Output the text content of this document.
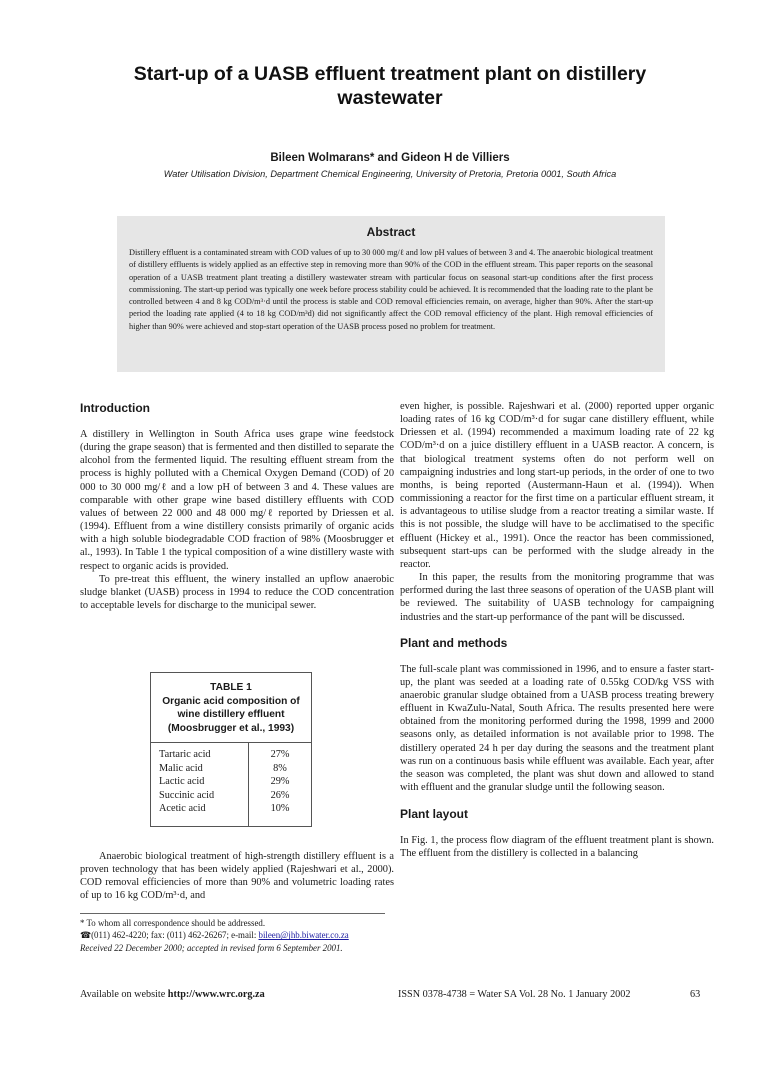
Start-up of a UASB effluent treatment plant on distillery wastewater
Bileen Wolmarans* and Gideon H de Villiers
Water Utilisation Division, Department Chemical Engineering, University of Pretoria, Pretoria 0001, South Africa
Abstract

Distillery effluent is a contaminated stream with COD values of up to 30 000 mg/ℓ and low pH values of between 3 and 4. The anaerobic biological treatment of distillery effluents is widely applied as an effective step in removing more than 90% of the COD in the effluent stream. This paper reports on the seasonal operation of a UASB treatment plant treating a distillery wastewater stream with particular focus on seasonal start-up conditions after the first process commissioning. The start-up period was typically one week before process stability could be achieved. It is recommended that the loading rate to the plant be controlled between 4 and 8 kg COD/m³·d until the process is stable and COD removal efficiencies remain, on average, higher than 90%. After the start-up period the loading rate applied (4 to 18 kg COD/m³d) did not significantly affect the COD removal efficiency of the plant. High removal efficiencies of higher than 90% were achieved and stop-start operation of the UASB process posed no problem for treatment.

Introduction

A distillery in Wellington in South Africa uses grape wine feedstock (during the grape season) that is fermented and then distilled to separate the alcohol from the fermented liquid. The resulting effluent stream from the process is highly polluted with a Chemical Oxygen Demand (COD) of 20 000 to 30 000 mg/ℓ and a low pH of between 3 and 4. These values are comparable with other grape wine based distillery effluents with COD values of between 22 000 and 48 000 mg/ℓ reported by Driessen et al. (1994). Effluent from a wine distillery consists primarily of organic acids with a high soluble biodegradable COD fraction of 98% (Moosbrugger et al., 1993). In Table 1 the typical composition of a wine distillery waste with respect to organic acids is provided.

To pre-treat this effluent, the winery installed an upflow anaerobic sludge blanket (UASB) process in 1994 to reduce the COD concentration to acceptable levels for discharge to the municipal sewer.

TABLE 1
Organic acid composition of wine distillery effluent (Moosbrugger et al., 1993)
Tartaric acid
Malic acid
Lactic acid
Succinic acid
Acetic acid
27%
8%
29%
26%
10%

Anaerobic biological treatment of high-strength distillery effluent is a proven technology that has been widely applied (Rajeshwari et al., 2000). COD removal efficiencies of more than 90% and volumetric loading rates of up to 16 kg COD/m³·d, and

* To whom all correspondence should be addressed.
☎(011) 462-4220; fax: (011) 462-26267; e-mail: bileen@jhb.biwater.co.za
Received 22 December 2000; accepted in revised form 6 September 2001.

even higher, is possible. Rajeshwari et al. (2000) reported upper organic loading rates of 16 kg COD/m³·d for sugar cane distillery effluent, while Driessen et al. (1994) recommended a maximum loading rate of 22 kg COD/m³·d on a juice distillery effluent in a UASB reactor. A concern, is that biological treatment systems often do not perform well on campaigning industries and long start-up periods, in the order of one to two months, is being reported (Austermann-Haun et al. (1994)). When commissioning a reactor for the first time on a particular effluent stream, it is advantageous to utilise sludge from a reactor treating a similar waste. If this is not possible, the sludge will have to be acclimatised to the specific effluent (Hickey et al., 1991). Once the reactor has been commissioned, subsequent start-ups can be performed with the sludge already in the reactor.

In this paper, the results from the monitoring programme that was performed during the last three seasons of operation of the UASB plant will be reviewed. The suitability of UASB technology for campaigning industries and the start-up performance of the pant will be discussed.

Plant and methods

The full-scale plant was commissioned in 1996, and to ensure a faster start-up, the plant was seeded at a loading rate of 0.55kg COD/kg VSS with anaerobic granular sludge obtained from a UASB process treating brewery effluent in KwaZulu-Natal, South Africa. The results presented here were obtained from the monitoring performed during the 1998, 1999 and 2000 seasons only, as detailed information is not available prior to 1998. The distillery operated 24 h per day during the seasons and the treatment plant was run on a continuous basis while effluent was available. Each year, after the season was completed, the plant was shut down and allowed to stand with effluent and the granular sludge until the following season.

Plant layout

In Fig. 1, the process flow diagram of the effluent treatment plant is shown. The effluent from the distillery is collected in a balancing

Available on website http://www.wrc.org.za	ISSN 0378-4738 = Water SA Vol. 28 No. 1 January 2002	63
